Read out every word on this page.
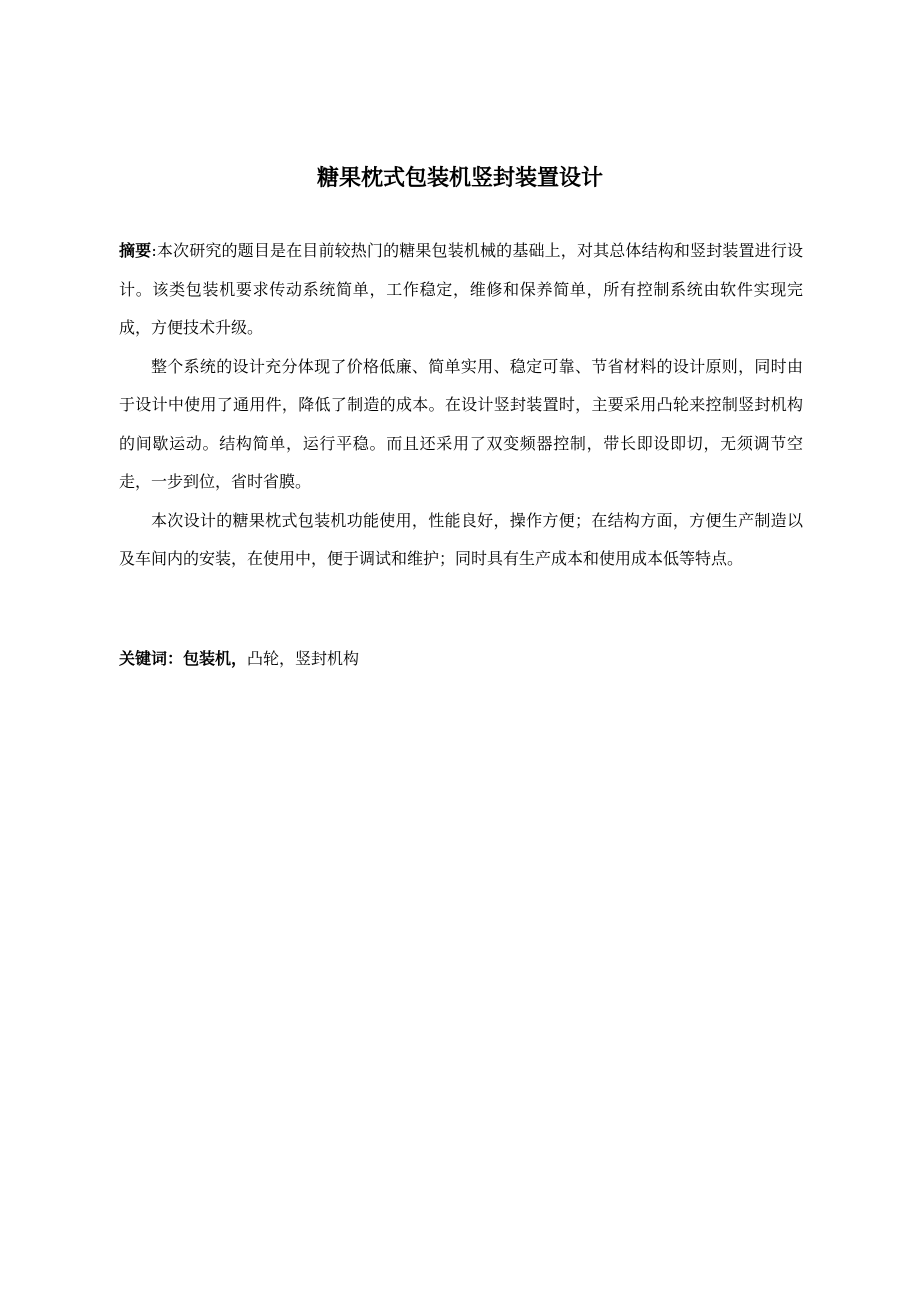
糖果枕式包装机竖封装置设计

摘要:本次研究的题目是在目前较热门的糖果包装机械的基础上，对其总体结构和竖封装置进行设计。该类包装机要求传动系统简单，工作稳定，维修和保养简单，所有控制系统由软件实现完成，方便技术升级。

整个系统的设计充分体现了价格低廉、简单实用、稳定可靠、节省材料的设计原则，同时由于设计中使用了通用件，降低了制造的成本。在设计竖封装置时，主要采用凸轮来控制竖封机构的间歇运动。结构简单，运行平稳。而且还采用了双变频器控制，带长即设即切，无须调节空走，一步到位，省时省膜。

本次设计的糖果枕式包装机功能使用，性能良好，操作方便；在结构方面，方便生产制造以及车间内的安装，在使用中，便于调试和维护；同时具有生产成本和使用成本低等特点。

关键词：包装机，凸轮，竖封机构
